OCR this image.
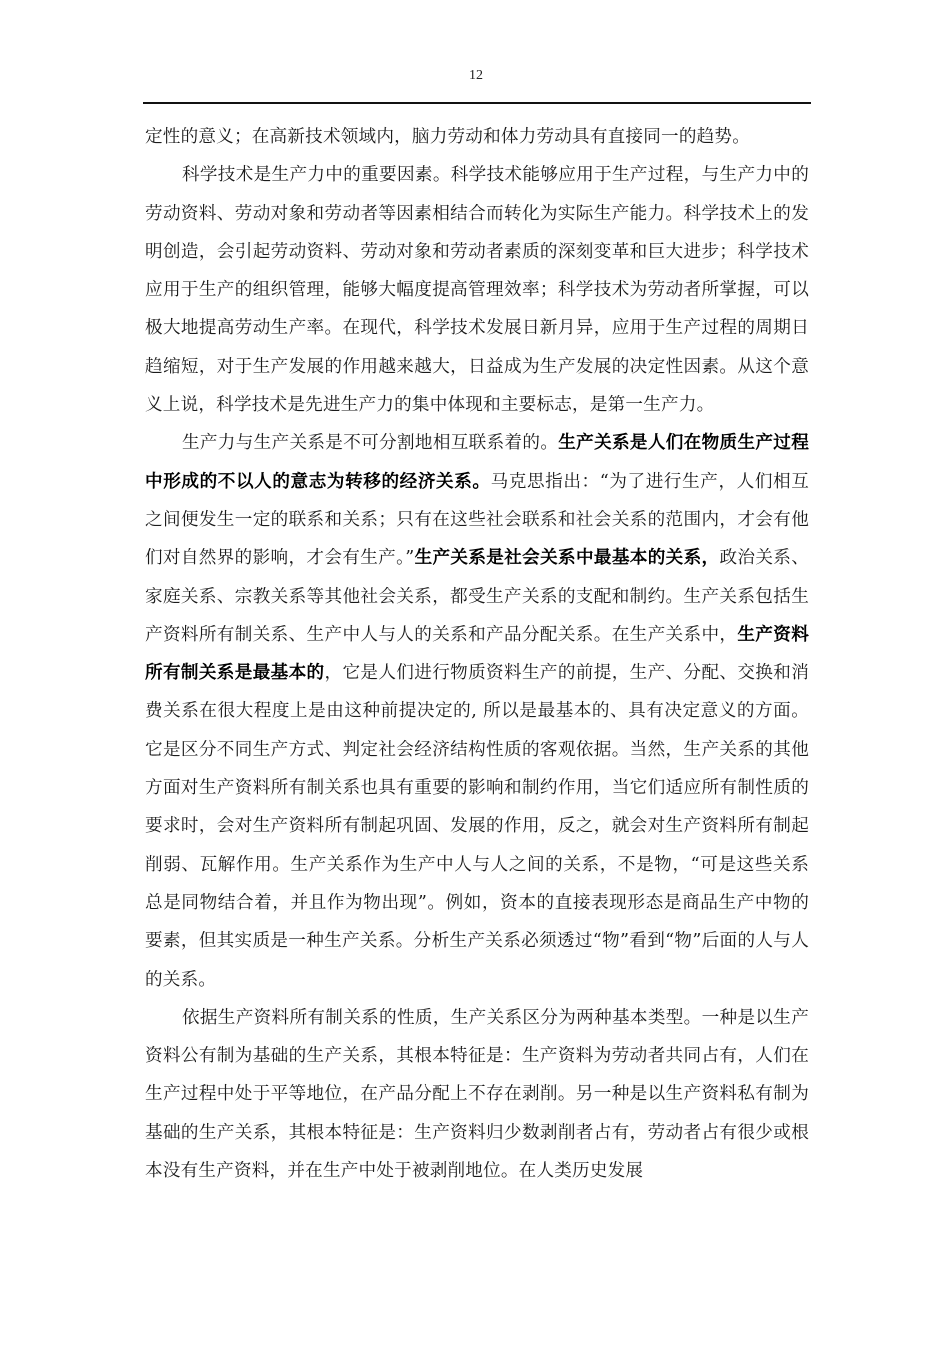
12

定性的意义；在高新技术领域内，脑力劳动和体力劳动具有直接同一的趋势。

科学技术是生产力中的重要因素。科学技术能够应用于生产过程，与生产力中的劳动资料、劳动对象和劳动者等因素相结合而转化为实际生产能力。科学技术上的发明创造，会引起劳动资料、劳动对象和劳动者素质的深刻变革和巨大进步；科学技术应用于生产的组织管理，能够大幅度提高管理效率；科学技术为劳动者所掌握，可以极大地提高劳动生产率。在现代，科学技术发展日新月异，应用于生产过程的周期日趋缩短，对于生产发展的作用越来越大，日益成为生产发展的决定性因素。从这个意义上说，科学技术是先进生产力的集中体现和主要标志，是第一生产力。

生产力与生产关系是不可分割地相互联系着的。生产关系是人们在物质生产过程中形成的不以人的意志为转移的经济关系。马克思指出：“为了进行生产，人们相互之间便发生一定的联系和关系；只有在这些社会联系和社会关系的范围内，才会有他们对自然界的影响，才会有生产。”生产关系是社会关系中最基本的关系，政治关系、家庭关系、宗教关系等其他社会关系，都受生产关系的支配和制约。生产关系包括生产资料所有制关系、生产中人与人的关系和产品分配关系。在生产关系中，生产资料所有制关系是最基本的，它是人们进行物质资料生产的前提，生产、分配、交换和消费关系在很大程度上是由这种前提决定的, 所以是最基本的、具有决定意义的方面。它是区分不同生产方式、判定社会经济结构性质的客观依据。当然，生产关系的其他方面对生产资料所有制关系也具有重要的影响和制约作用，当它们适应所有制性质的要求时，会对生产资料所有制起巩固、发展的作用，反之，就会对生产资料所有制起削弱、瓦解作用。生产关系作为生产中人与人之间的关系，不是物，“可是这些关系总是同物结合着，并且作为物出现”。例如，资本的直接表现形态是商品生产中物的要素，但其实质是一种生产关系。分析生产关系必须透过“物”看到“物”后面的人与人的关系。

依据生产资料所有制关系的性质，生产关系区分为两种基本类型。一种是以生产资料公有制为基础的生产关系，其根本特征是：生产资料为劳动者共同占有，人们在生产过程中处于平等地位，在产品分配上不存在剥削。另一种是以生产资料私有制为基础的生产关系，其根本特征是：生产资料归少数剥削者占有，劳动者占有很少或根本没有生产资料，并在生产中处于被剥削地位。在人类历史发展
